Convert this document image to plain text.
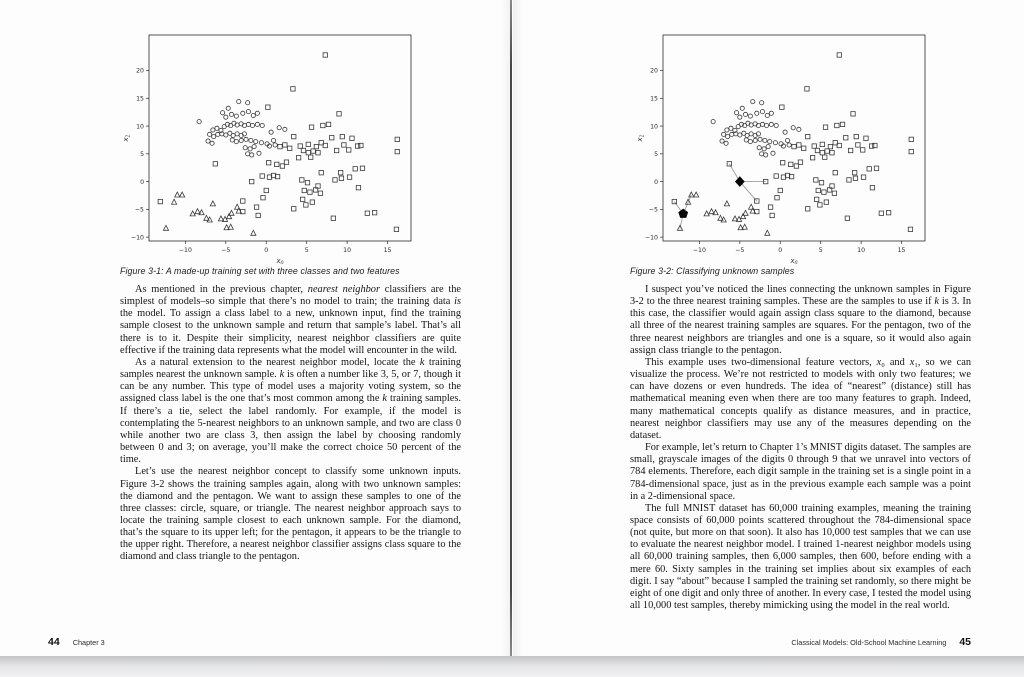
−10	−5	0	5	10	15
−10
−5
0
5
10
15
20
$x_0$
$x_1$
Figure 3-1: A made-up training set with three classes and two features

As mentioned in the previous chapter, nearest neighbor classifiers are the simplest of models–so simple that there’s no model to train; the training data is the model. To assign a class label to a new, unknown input, find the training sample closest to the unknown sample and return that sample’s label. That’s all there is to it. Despite their simplicity, nearest neighbor classifiers are quite effective if the training data represents what the model will encounter in the wild.

As a natural extension to the nearest neighbor model, locate the k training samples nearest the unknown sample. k is often a number like 3, 5, or 7, though it can be any number. This type of model uses a majority voting system, so the assigned class label is the one that’s most common among the k training samples. If there’s a tie, select the label randomly. For example, if the model is contemplating the 5-nearest neighbors to an unknown sample, and two are class 0 while another two are class 3, then assign the label by choosing randomly between 0 and 3; on average, you’ll make the correct choice 50 percent of the time.

Let’s use the nearest neighbor concept to classify some unknown inputs. Figure 3-2 shows the training samples again, along with two unknown samples: the diamond and the pentagon. We want to assign these samples to one of the three classes: circle, square, or triangle. The nearest neighbor approach says to locate the training sample closest to each unknown sample. For the diamond, that’s the square to its upper left; for the pentagon, it appears to be the triangle to the upper right. Therefore, a nearest neighbor classifier assigns class square to the diamond and class triangle to the pentagon.

44 Chapter 3
−10	−5	0	5	10	15
−10
−5
0
5
10
15
20
$x_0$
$x_1$
Figure 3-2: Classifying unknown samples

I suspect you’ve noticed the lines connecting the unknown samples in Figure 3-2 to the three nearest training samples. These are the samples to use if k is 3. In this case, the classifier would again assign class square to the diamond, because all three of the nearest training samples are squares. For the pentagon, two of the three nearest neighbors are triangles and one is a square, so it would also again assign class triangle to the pentagon.

This example uses two-dimensional feature vectors, x₀ and x₁, so we can visualize the process. We’re not restricted to models with only two features; we can have dozens or even hundreds. The idea of “nearest” (distance) still has mathematical meaning even when there are too many features to graph. Indeed, many mathematical concepts qualify as distance measures, and in practice, nearest neighbor classifiers may use any of the measures depending on the dataset.

For example, let’s return to Chapter 1’s MNIST digits dataset. The samples are small, grayscale images of the digits 0 through 9 that we unravel into vectors of 784 elements. Therefore, each digit sample in the training set is a single point in a 784-dimensional space, just as in the previous example each sample was a point in a 2-dimensional space.

The full MNIST dataset has 60,000 training examples, meaning the training space consists of 60,000 points scattered throughout the 784-dimensional space (not quite, but more on that soon). It also has 10,000 test samples that we can use to evaluate the nearest neighbor model. I trained 1-nearest neighbor models using all 60,000 training samples, then 6,000 samples, then 600, before ending with a mere 60. Sixty samples in the training set implies about six examples of each digit. I say “about” because I sampled the training set randomly, so there might be eight of one digit and only three of another. In every case, I tested the model using all 10,000 test samples, thereby mimicking using the model in the real world.

Classical Models: Old-School Machine Learning 45
